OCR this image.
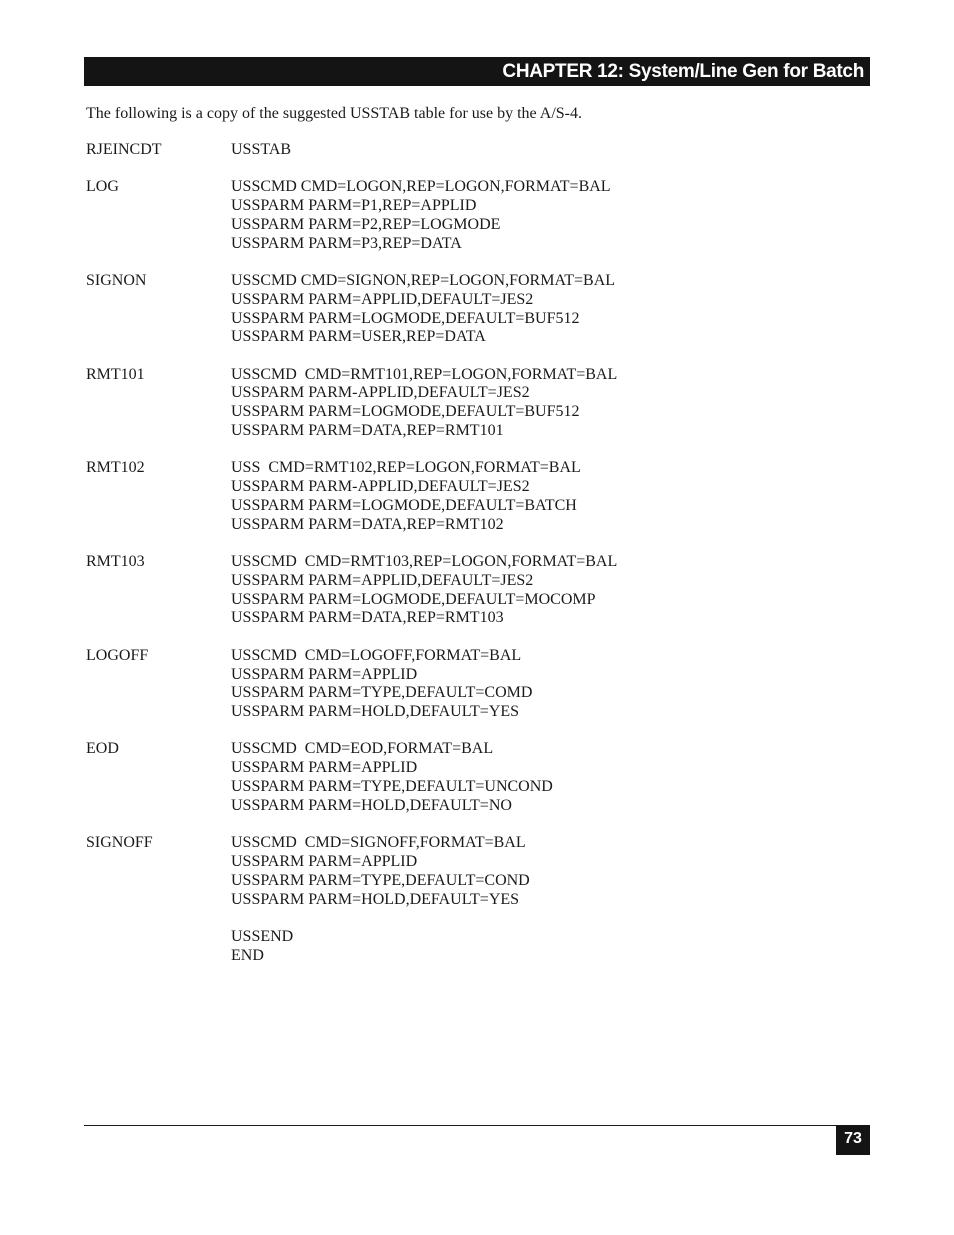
CHAPTER 12: System/Line Gen for Batch
The following is a copy of the suggested USSTAB table for use by the A/S-4.
RJEINCDT	USSTAB
LOG	USSCMD CMD=LOGON,REP=LOGON,FORMAT=BAL
USSPARM PARM=P1,REP=APPLID
USSPARM PARM=P2,REP=LOGMODE
USSPARM PARM=P3,REP=DATA
SIGNON	USSCMD CMD=SIGNON,REP=LOGON,FORMAT=BAL
USSPARM PARM=APPLID,DEFAULT=JES2
USSPARM PARM=LOGMODE,DEFAULT=BUF512
USSPARM PARM=USER,REP=DATA
RMT101	USSCMD  CMD=RMT101,REP=LOGON,FORMAT=BAL
USSPARM PARM-APPLID,DEFAULT=JES2
USSPARM PARM=LOGMODE,DEFAULT=BUF512
USSPARM PARM=DATA,REP=RMT101
RMT102	USS  CMD=RMT102,REP=LOGON,FORMAT=BAL
USSPARM PARM-APPLID,DEFAULT=JES2
USSPARM PARM=LOGMODE,DEFAULT=BATCH
USSPARM PARM=DATA,REP=RMT102
RMT103	USSCMD  CMD=RMT103,REP=LOGON,FORMAT=BAL
USSPARM PARM=APPLID,DEFAULT=JES2
USSPARM PARM=LOGMODE,DEFAULT=MOCOMP
USSPARM PARM=DATA,REP=RMT103
LOGOFF	USSCMD  CMD=LOGOFF,FORMAT=BAL
USSPARM PARM=APPLID
USSPARM PARM=TYPE,DEFAULT=COMD
USSPARM PARM=HOLD,DEFAULT=YES
EOD	USSCMD  CMD=EOD,FORMAT=BAL
USSPARM PARM=APPLID
USSPARM PARM=TYPE,DEFAULT=UNCOND
USSPARM PARM=HOLD,DEFAULT=NO
SIGNOFF	USSCMD  CMD=SIGNOFF,FORMAT=BAL
USSPARM PARM=APPLID
USSPARM PARM=TYPE,DEFAULT=COND
USSPARM PARM=HOLD,DEFAULT=YES
USSEND
END
73
